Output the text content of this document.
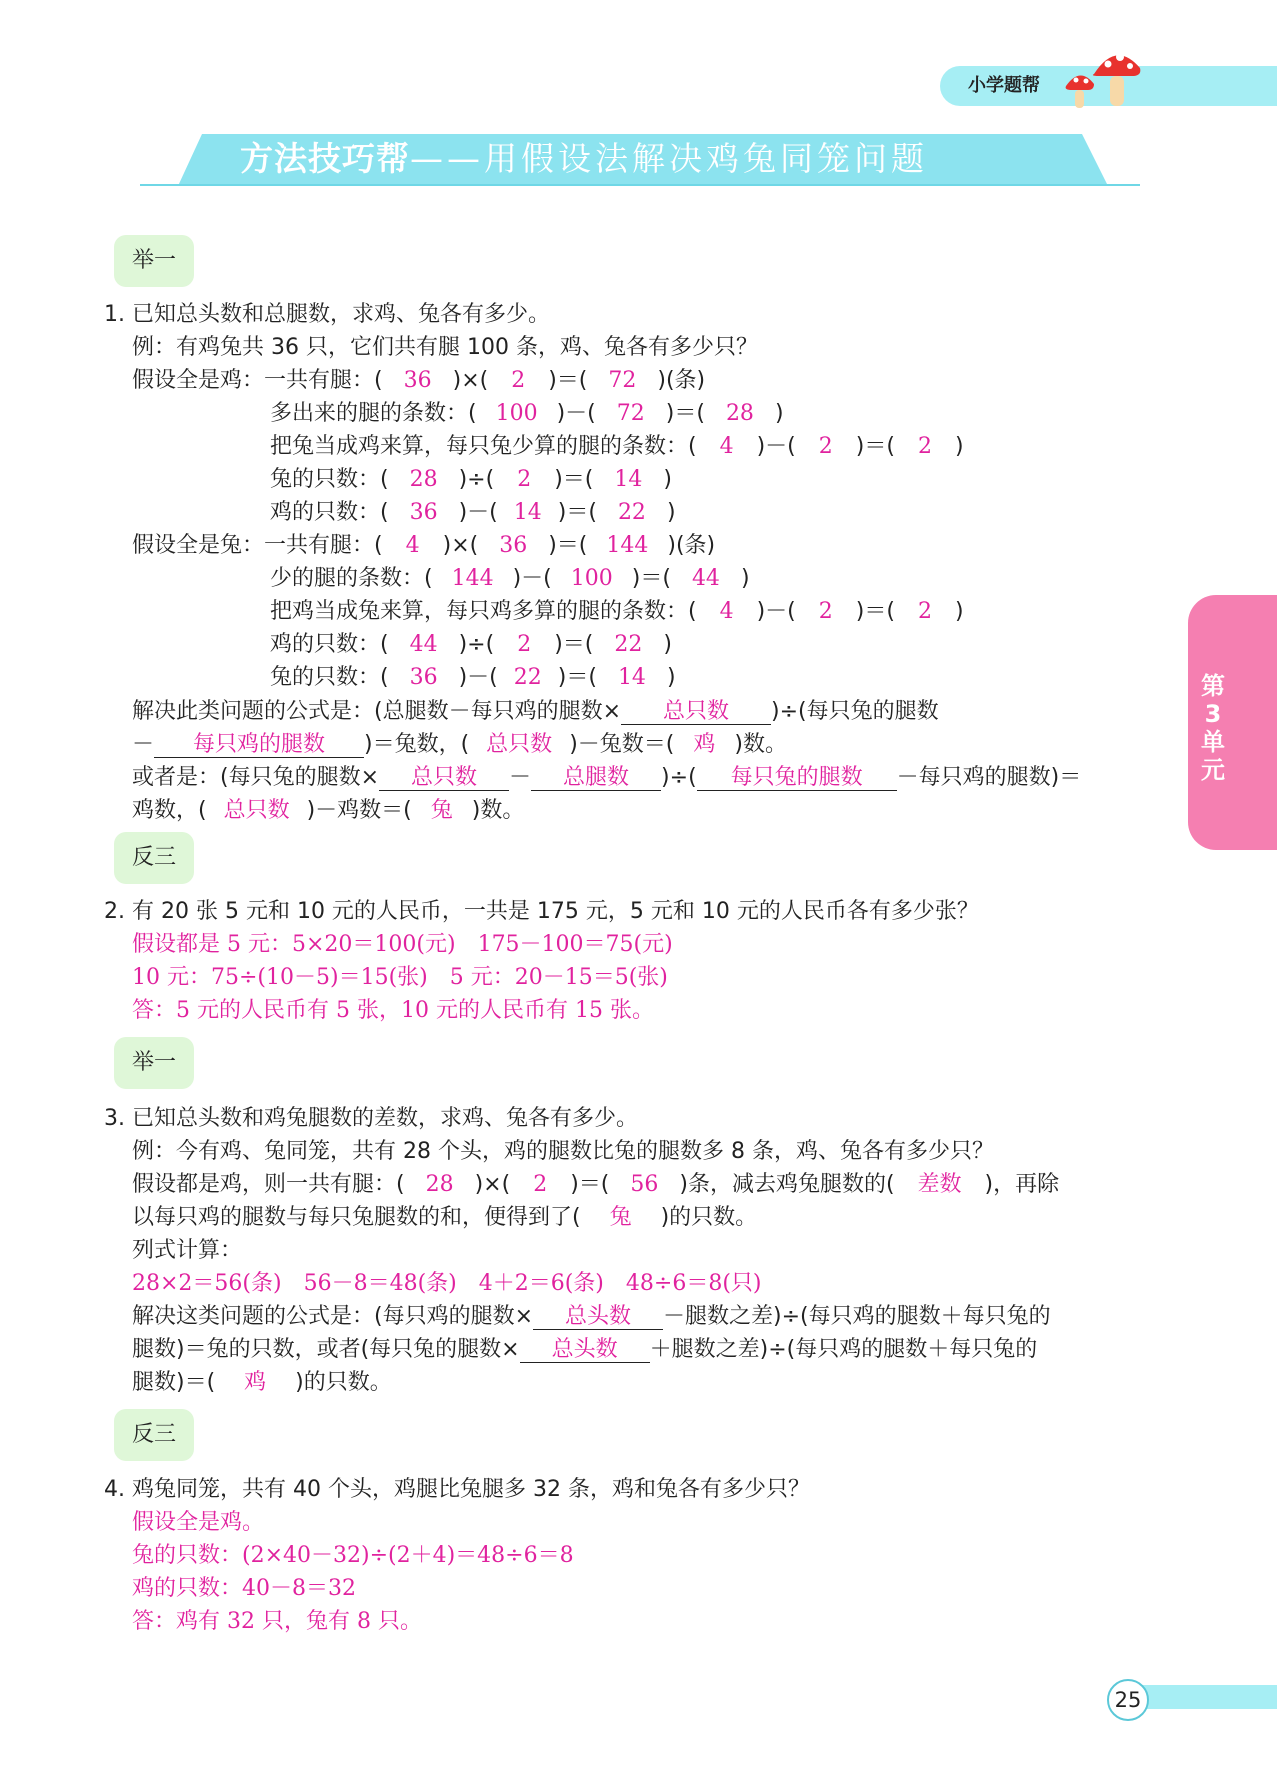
小学题帮
方法技巧帮——用假设法解决鸡兔同笼问题
第3单元
举一
1. 已知总头数和总腿数，求鸡、兔各有多少。
例：有鸡兔共 36 只，它们共有腿 100 条，鸡、兔各有多少只？
假设全是鸡：一共有腿：( 36 )×( 2 )＝( 72 )(条)
多出来的腿的条数：( 100 )－( 72 )＝( 28 )
把兔当成鸡来算，每只兔少算的腿的条数：( 4 )－( 2 )＝( 2 )
兔的只数：( 28 )÷( 2 )＝( 14 )
鸡的只数：( 36 )－( 14 )＝( 22 )
假设全是兔：一共有腿：( 4 )×( 36 )＝( 144 )(条)
少的腿的条数：( 144 )－( 100 )＝( 44 )
把鸡当成兔来算，每只鸡多算的腿的条数：( 4 )－( 2 )＝( 2 )
鸡的只数：( 44 )÷( 2 )＝( 22 )
兔的只数：( 36 )－( 22 )＝( 14 )
解决此类问题的公式是：(总腿数－每只鸡的腿数× 总只数 )÷(每只兔的腿数
－ 每只鸡的腿数 )＝兔数，( 总只数 )－兔数＝( 鸡 )数。
或者是：(每只兔的腿数× 总只数 － 总腿数 )÷( 每只兔的腿数 －每只鸡的腿数)＝
鸡数，( 总只数 )－鸡数＝( 兔 )数。
反三
2. 有 20 张 5 元和 10 元的人民币，一共是 175 元，5 元和 10 元的人民币各有多少张？
假设都是 5 元：5×20＝100(元)　175－100＝75(元)
10 元：75÷(10－5)＝15(张)　5 元：20－15＝5(张)
答：5 元的人民币有 5 张，10 元的人民币有 15 张。
举一
3. 已知总头数和鸡兔腿数的差数，求鸡、兔各有多少。
例：今有鸡、兔同笼，共有 28 个头，鸡的腿数比兔的腿数多 8 条，鸡、兔各有多少只？
假设都是鸡，则一共有腿：( 28 )×( 2 )＝( 56 )条，减去鸡兔腿数的( 差数 )，再除
以每只鸡的腿数与每只兔腿数的和，便得到了( 兔 )的只数。
列式计算：
28×2＝56(条)　56－8＝48(条)　4＋2＝6(条)　48÷6＝8(只)
解决这类问题的公式是：(每只鸡的腿数× 总头数 －腿数之差)÷(每只鸡的腿数＋每只兔的
腿数)＝兔的只数，或者(每只兔的腿数× 总头数 ＋腿数之差)÷(每只鸡的腿数＋每只兔的
腿数)＝( 鸡 )的只数。
反三
4. 鸡兔同笼，共有 40 个头，鸡腿比兔腿多 32 条，鸡和兔各有多少只？
假设全是鸡。
兔的只数：(2×40－32)÷(2＋4)＝48÷6＝8
鸡的只数：40－8＝32
答：鸡有 32 只，兔有 8 只。
25
